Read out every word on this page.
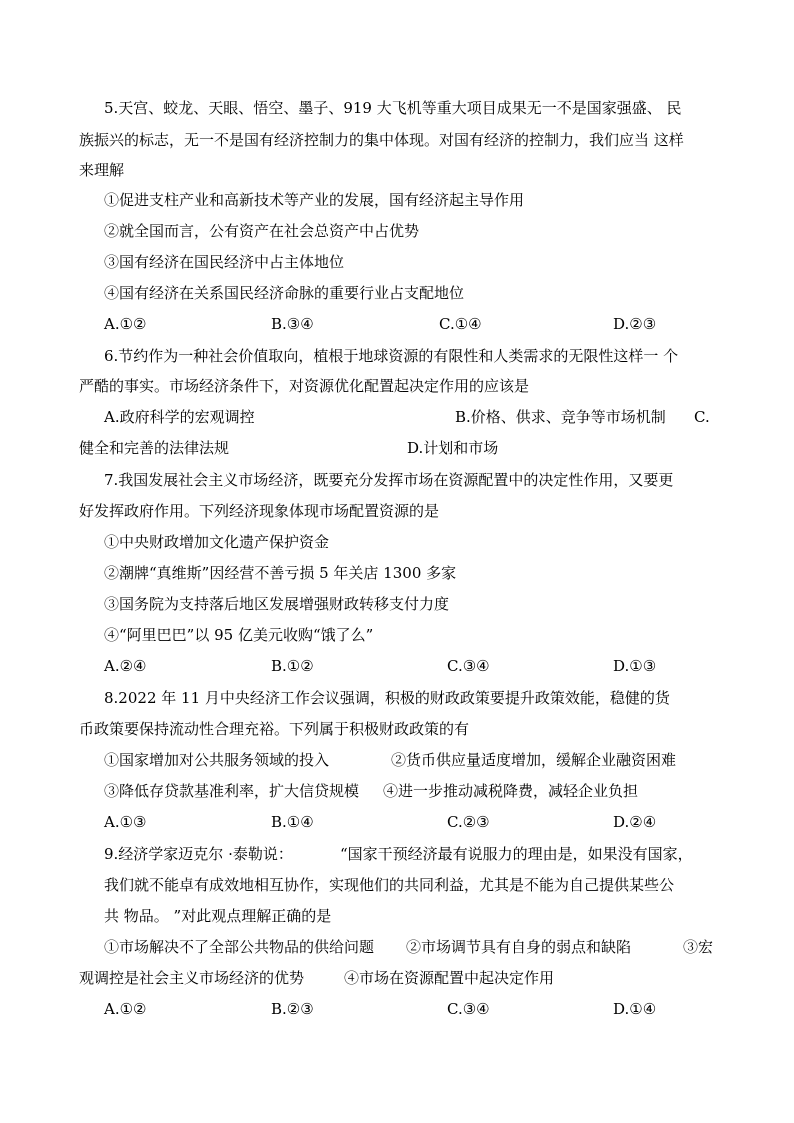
5.天宫、蛟龙、天眼、悟空、墨子、919 大飞机等重大项目成果无一不是国家强盛、 民
族振兴的标志，无一不是国有经济控制力的集中体现。对国有经济的控制力，我们应当 这样
来理解
①促进支柱产业和高新技术等产业的发展，国有经济起主导作用
②就全国而言，公有资产在社会总资产中占优势
③国有经济在国民经济中占主体地位
④国有经济在关系国民经济命脉的重要行业占支配地位
A.①②	B.③④	C.①④	D.②③
6.节约作为一种社会价值取向，植根于地球资源的有限性和人类需求的无限性这样一 个
严酷的事实。市场经济条件下，对资源优化配置起决定作用的应该是
A.政府科学的宏观调控	B.价格、供求、竞争等市场机制 C.
健全和完善的法律法规	D.计划和市场
7.我国发展社会主义市场经济，既要充分发挥市场在资源配置中的决定性作用，又要更
好发挥政府作用。下列经济现象体现市场配置资源的是
①中央财政增加文化遗产保护资金
②潮牌“真维斯”因经营不善亏损 5 年关店 1300 多家
③国务院为支持落后地区发展增强财政转移支付力度
④“阿里巴巴”以 95 亿美元收购“饿了么”
A.②④	B.①②	C.③④	D.①③
8.2022 年 11 月中央经济工作会议强调，积极的财政政策要提升政策效能，稳健的货
币政策要保持流动性合理充裕。下列属于积极财政政策的有
①国家增加对公共服务领域的投入	②货币供应量适度增加，缓解企业融资困难
③降低存贷款基准利率，扩大信贷规模 ④进一步推动减税降费，减轻企业负担
A.①③	B.①④	C.②③	D.②④
9.经济学家迈克尔 ·泰勒说：	“国家干预经济最有说服力的理由是，如果没有国家，
我们就不能卓有成效地相互协作，实现他们的共同利益，尤其是不能为自己提供某些公
共 物品。 ”对此观点理解正确的是
①市场解决不了全部公共物品的供给问题 ②市场调节具有自身的弱点和缺陷	③宏
观调控是社会主义市场经济的优势	④市场在资源配置中起决定作用
A.①②	B.②③	C.③④	D.①④
